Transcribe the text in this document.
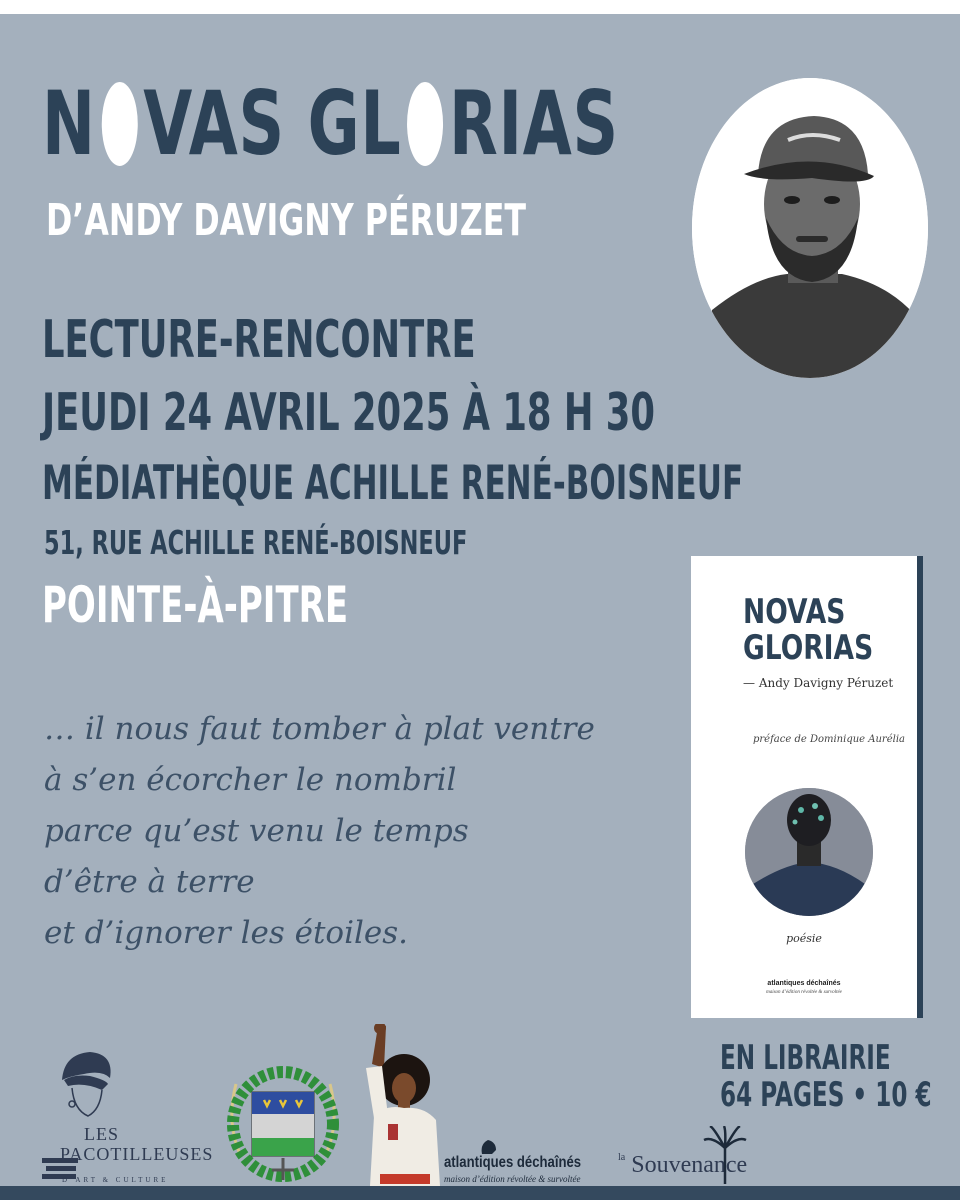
N VAS GL RIAS
D’ANDY DAVIGNY PÉRUZET
LECTURE-RENCONTRE
JEUDI 24 AVRIL 2025 À 18 H 30
MÉDIATHÈQUE ACHILLE RENÉ-BOISNEUF
51, RUE ACHILLE RENÉ-BOISNEUF
POINTE-À-PITRE
… il nous faut tomber à plat ventre
à s’en écorcher le nombril
parce qu’est venu le temps
d’être à terre
et d’ignorer les étoiles.
NOVAS
GLORIAS
— Andy Davigny Péruzet
préface de Dominique Aurélia
poésie
atlantiques déchaînés
maison d’édition révoltée & survoltée
EN LIBRAIRIE
64 PAGES • 10 €
LES
PACOTILLEUSES
D’ART & CULTURE
atlantiques déchaînés
maison d’édition révoltée & survoltée
$^{la}$ Souvenance
